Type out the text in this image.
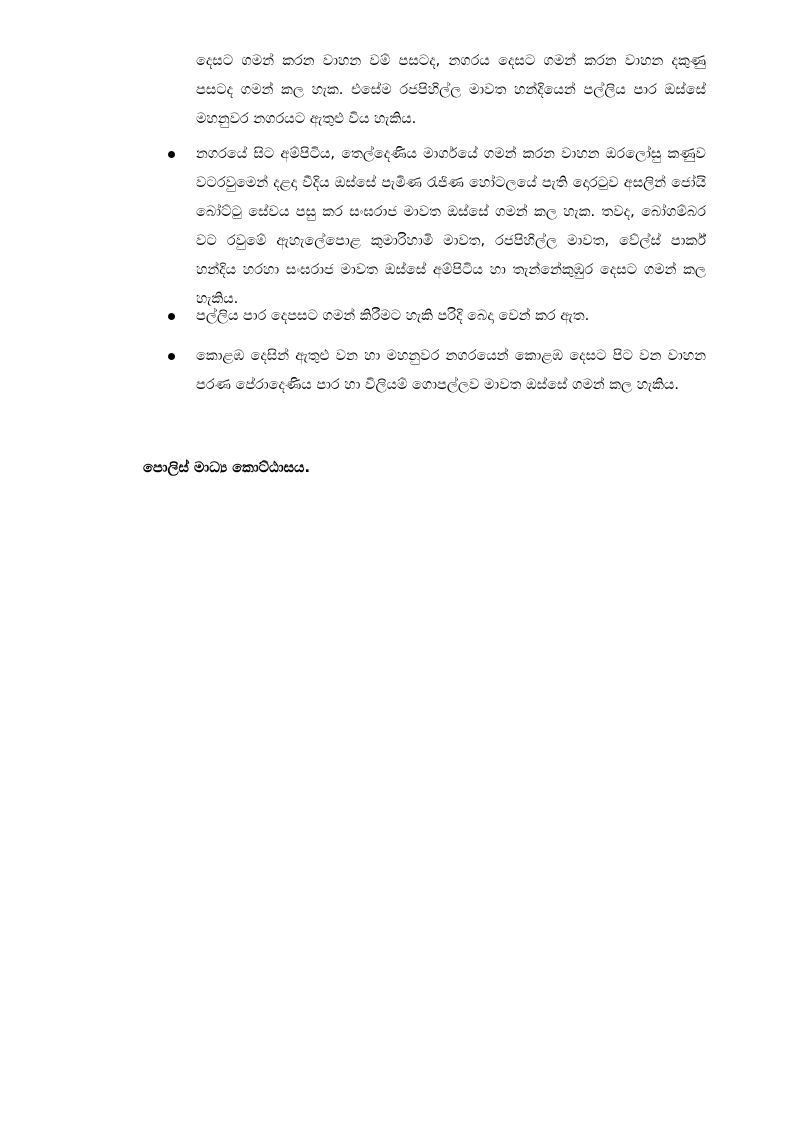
දෙසට ගමන් කරන වාහන වම් පසටද, නගරය දෙසට ගමන් කරන වාහන දකුණු පසටද ගමන් කල හැක. එසේම රජපිහිල්ල මාවත හන්දියෙන් පල්ලිය පාර ඔස්සේ මහනුවර නගරයට ඇතුළු විය හැකිය.

නගරයේ සිට අම්පිටිය, තෙල්දෙණිය මාර්ගයේ ගමන් කරන වාහන ඔරලෝසු කණුව වටරවුමෙන් දළදා වීදිය ඔස්සේ පැමිණ රැජිණ හෝටලයේ පැති දොරටුව අසලින් ජෝයි බෝට්ටු සේවය පසු කර සංඝරාජ මාවත ඔස්සේ ගමන් කල හැක. තවද, බෝගම්බර වට රවුමේ ඇහැලේපොළ කුමාරිහාමි මාවත, රජපිහිල්ල මාවත, වේල්ස් පාර්ක් හන්දිය හරහා සංඝරාජ මාවත ඔස්සේ අම්පිටිය හා තැන්නේකුඹුර දෙසට ගමන් කල හැකිය.

පල්ලිය පාර දෙපසට ගමන් කිරීමට හැකි පරිදි බෙදා වෙන් කර ඇත.

කොළඹ දෙසින් ඇතුළු වන හා මහනුවර නගරයෙන් කොළඹ දෙසට පිට වන වාහන පරණ පේරාදෙණිය පාර හා විලියම් ගොපල්ලව මාවත ඔස්සේ ගමන් කල හැකිය.

පොලිස් මාධ්‍ය කොට්ඨාසය.
